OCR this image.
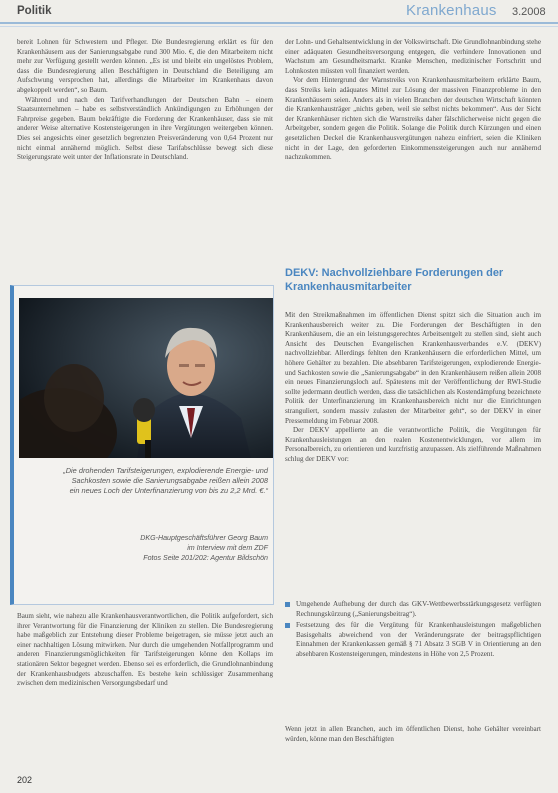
Politik	Krankenhaus 3.2008

bereit Lohnen für Schwestern und Pfleger. Die Bundesregierung erklärt es für den Krankenhäusern aus der Sanierungsabgabe rund 300 Mio. €, die den Mitarbeitern nicht mehr zur Verfügung gestellt werden können. „Es ist und bleibt ein ungelöstes Problem, dass die Bundesregierung allen Beschäftigten in Deutschland die Beteiligung am Aufschwung versprochen hat, allerdings die Mitarbeiter im Krankenhaus davon abgekoppelt werden“, so Baum.

Während und nach den Tarifverhandlungen der Deutschen Bahn – einem Staatsunternehmen – habe es selbstverständlich Ankündigungen zu Erhöhungen der Fahrpreise gegeben. Baum bekräftigte die Forderung der Krankenhäuser, dass sie mit anderer Weise alternative Kostensteigerungen in ihre Vergütungen weitergeben können. Dies sei angesichts einer gesetzlich begrenzten Preisveränderung von 0,64 Prozent nur nicht einmal annähernd möglich. Selbst diese Tarifabschlüsse bewegt sich diese Steigerungsrate weit unter der Inflationsrate in Deutschland.

„Die drohenden Tarifsteigerungen, explodierende Energie- und Sachkosten sowie die Sanierungsabgabe reißen allein 2008 ein neues Loch der Unterfinanzierung von bis zu 2,2 Mrd. €.“
DKG-Hauptgeschäftsführer Georg Baum
im Interview mit dem ZDF
Fotos Seite 201/202: Agentur Bildschön

Baum sieht, wie nahezu alle Krankenhausverantwortlichen, die Politik aufgefordert, sich ihrer Verantwortung für die Finanzierung der Kliniken zu stellen. Die Bundesregierung habe maßgeblich zur Entstehung dieser Probleme beigetragen, sie müsse jetzt auch an einer nachhaltigen Lösung mitwirken. Nur durch die umgehenden Notfallprogramm und anderen Finanzierungsmöglichkeiten für Tarifsteigerungen könne den Kollaps im stationären Sektor begegnet werden. Ebenso sei es erforderlich, die Grundlohnanbindung der Krankenhausbudgets abzuschaffen. Es bestehe kein schlüssiger Zusammenhang zwischen dem medizinischen Versorgungsbedarf und

der Lohn- und Gehaltsentwicklung in der Volkswirtschaft. Die Grundlohnanbindung stehe einer adäquaten Gesundheitsversorgung entgegen, die verhindere Innovationen und Wachstum am Gesundheitsmarkt. Kranke Menschen, medizinischer Fortschritt und Lohnkosten müssten voll finanziert werden.

Vor dem Hintergrund der Warnstreiks von Krankenhausmitarbeitern erklärte Baum, dass Streiks kein adäquates Mittel zur Lösung der massiven Finanzprobleme in den Krankenhäusern seien. Anders als in vielen Branchen der deutschen Wirtschaft könnten die Krankenhausträger „nichts geben, weil sie selbst nichts bekommen“. Aus der Sicht der Krankenhäuser richten sich die Warnstreiks daher fälschlicherweise nicht gegen die Arbeitgeber, sondern gegen die Politik. Solange die Politik durch Kürzungen und einen gesetzlichen Deckel die Krankenhausvergütungen nahezu einfriert, seien die Kliniken nicht in der Lage, den geforderten Einkommenssteigerungen auch nur annähernd nachzukommen.

DEKV: Nachvollziehbare Forderungen der Krankenhausmitarbeiter

Mit den Streikmaßnahmen im öffentlichen Dienst spitzt sich die Situation auch im Krankenhausbereich weiter zu. Die Forderungen der Beschäftigten in den Krankenhäusern, die an ein leistungsgerechtes Arbeitsentgelt zu stellen sind, sieht auch Ansicht des Deutschen Evangelischen Krankenhausverbandes e.V. (DEKV) nachvollziehbar. Allerdings fehlten den Krankenhäusern die erforderlichen Mittel, um höhere Gehälter zu bezahlen. Die absehbaren Tarifsteigerungen, explodierende Energie- und Sachkosten sowie die „Sanierungsabgabe“ in den Krankenhäusern reißen allein 2008 ein neues Finanzierungsloch auf. Spätestens mit der Veröffentlichung der RWI-Studie sollte jedermann deutlich werden, dass die tatsächlichen als Kostendämpfung bezeichnete Politik der Unterfinanzierung im Krankenhausbereich nicht nur die Einrichtungen stranguliert, sondern massiv zulasten der Mitarbeiter geht“, so der DEKV in einer Pressemeldung im Februar 2008.

Der DEKV appellierte an die verantwortliche Politik, die Vergütungen für Krankenhausleistungen an den realen Kostenentwicklungen, vor allem im Personalbereich, zu orientieren und kurzfristig anzupassen. Als zielführende Maßnahmen schlug der DEKV vor:

Umgehende Aufhebung der durch das GKV-Wettbewerbsstärkungsgesetz verfügten Rechnungskürzung („Sanierungsbeitrag“).
Festsetzung des für die Vergütung für Krankenhausleistungen maßgeblichen Basisgehalts abweichend von der Veränderungsrate der beitragspflichtigen Einnahmen der Krankenkassen gemäß § 71 Absatz 3 SGB V in Orientierung an den absehbaren Kostensteigerungen, mindestens in Höhe von 2,5 Prozent.

Wenn jetzt in allen Branchen, auch im öffentlichen Dienst, hohe Gehälter vereinbart würden, könne man den Beschäftigten

202
